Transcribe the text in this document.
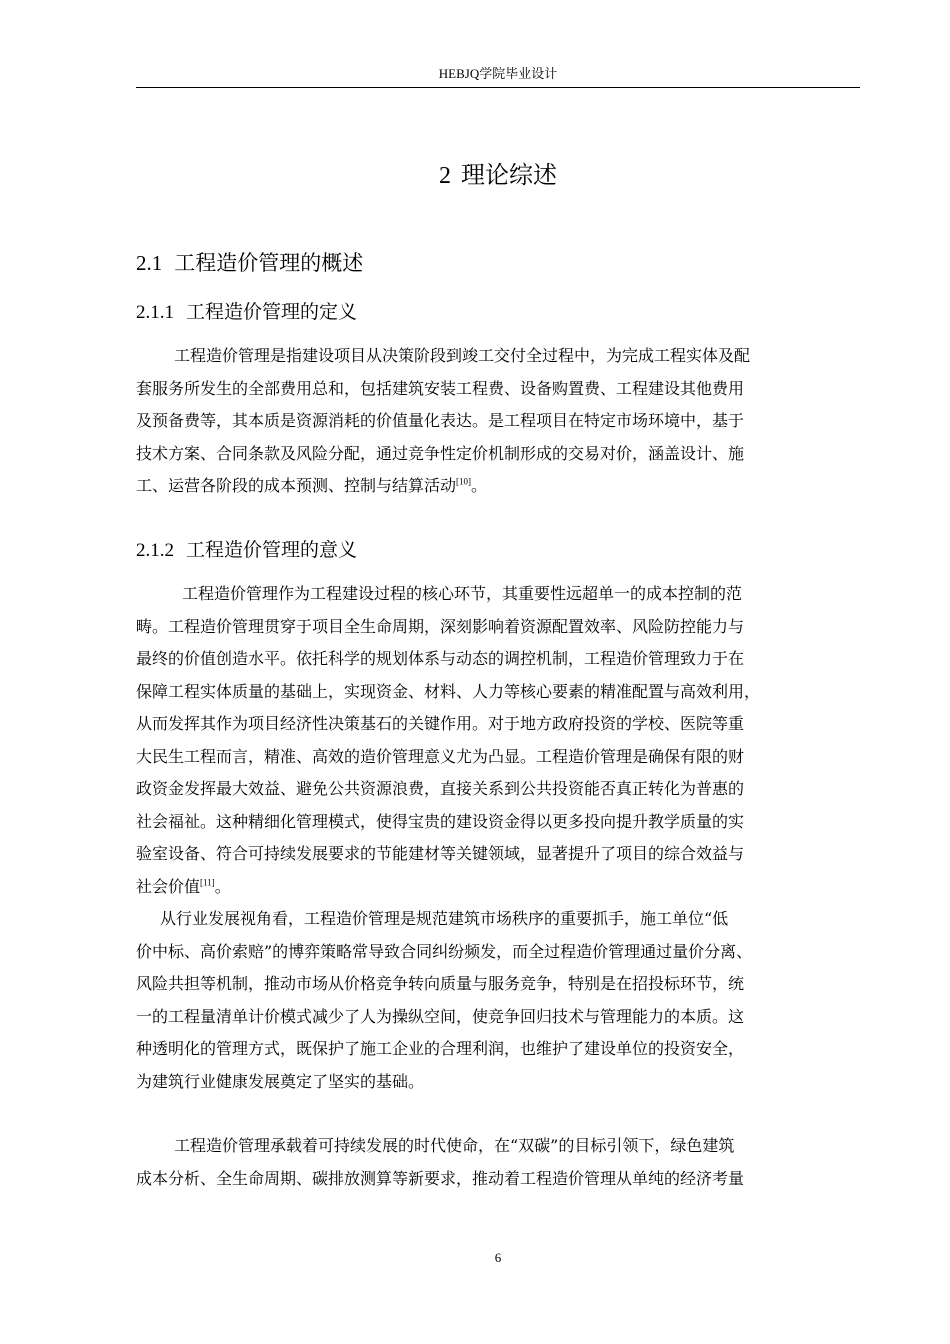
HEBJQ学院毕业设计
2 理论综述
2.1 工程造价管理的概述
2.1.1 工程造价管理的定义
工程造价管理是指建设项目从决策阶段到竣工交付全过程中，为完成工程实体及配
套服务所发生的全部费用总和，包括建筑安装工程费、设备购置费、工程建设其他费用
及预备费等，其本质是资源消耗的价值量化表达。是工程项目在特定市场环境中，基于
技术方案、合同条款及风险分配，通过竞争性定价机制形成的交易对价，涵盖设计、施
工、运营各阶段的成本预测、控制与结算活动[10]。
2.1.2 工程造价管理的意义
工程造价管理作为工程建设过程的核心环节，其重要性远超单一的成本控制的范
畴。工程造价管理贯穿于项目全生命周期，深刻影响着资源配置效率、风险防控能力与
最终的价值创造水平。依托科学的规划体系与动态的调控机制，工程造价管理致力于在
保障工程实体质量的基础上，实现资金、材料、人力等核心要素的精准配置与高效利用，
从而发挥其作为项目经济性决策基石的关键作用。对于地方政府投资的学校、医院等重
大民生工程而言，精准、高效的造价管理意义尤为凸显。工程造价管理是确保有限的财
政资金发挥最大效益、避免公共资源浪费，直接关系到公共投资能否真正转化为普惠的
社会福祉。这种精细化管理模式，使得宝贵的建设资金得以更多投向提升教学质量的实
验室设备、符合可持续发展要求的节能建材等关键领域，显著提升了项目的综合效益与
社会价值[11]。
从行业发展视角看，工程造价管理是规范建筑市场秩序的重要抓手，施工单位“低
价中标、高价索赔”的博弈策略常导致合同纠纷频发，而全过程造价管理通过量价分离、
风险共担等机制，推动市场从价格竞争转向质量与服务竞争，特别是在招投标环节，统
一的工程量清单计价模式减少了人为操纵空间，使竞争回归技术与管理能力的本质。这
种透明化的管理方式，既保护了施工企业的合理利润，也维护了建设单位的投资安全，
为建筑行业健康发展奠定了坚实的基础。
工程造价管理承载着可持续发展的时代使命，在“双碳”的目标引领下，绿色建筑
成本分析、全生命周期、碳排放测算等新要求，推动着工程造价管理从单纯的经济考量
6
